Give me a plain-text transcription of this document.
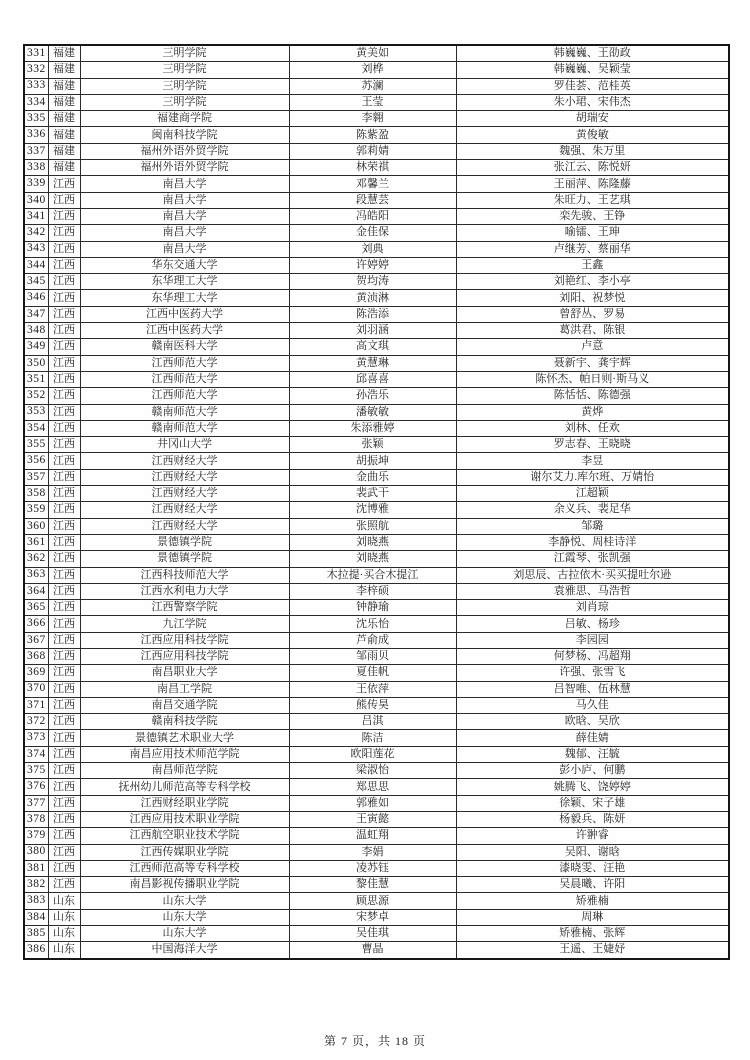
331	福建	三明学院	黄美如	韩巍巍、王劭政
332	福建	三明学院	刘桦	韩巍巍、吴颖莹
333	福建	三明学院	苏澜	罗佳荟、范桂英
334	福建	三明学院	王莹	朱小珺、宋伟杰
335	福建	福建商学院	李翱	胡瑞安
336	福建	闽南科技学院	陈紫盈	黄俊敏
337	福建	福州外语外贸学院	郭莉婧	魏强、朱万里
338	福建	福州外语外贸学院	林荣祺	张江云、陈悦妍
339	江西	南昌大学	邓馨兰	王丽萍、陈隆藤
340	江西	南昌大学	段慧芸	朱旺力、王艺琪
341	江西	南昌大学	冯皓阳	栾先骏、王铮
342	江西	南昌大学	金佳保	喻镭、王珅
343	江西	南昌大学	刘典	卢继芳、蔡丽华
344	江西	华东交通大学	许婷婷	王鑫
345	江西	东华理工大学	贺均涛	刘艳红、李小亭
346	江西	东华理工大学	黄浈淋	刘阳、祝梦悦
347	江西	江西中医药大学	陈浩添	曾舒丛、罗易
348	江西	江西中医药大学	刘羽涵	葛洪君、陈银
349	江西	赣南医科大学	高文琪	卢意
350	江西	江西师范大学	黄慧琳	聂新宇、龚宇辉
351	江西	江西师范大学	邱喜喜	陈怀杰、帕日则·斯马义
352	江西	江西师范大学	孙浩乐	陈恬恬、陈德强
353	江西	赣南师范大学	潘敏敏	黄烨
354	江西	赣南师范大学	朱添雅婷	刘林、任欢
355	江西	井冈山大学	张颖	罗志春、王晓晓
356	江西	江西财经大学	胡振坤	李昱
357	江西	江西财经大学	金曲乐	谢尔艾力.库尔班、万婧怡
358	江西	江西财经大学	裴武干	江超颖
359	江西	江西财经大学	沈博雅	余义兵、裴足华
360	江西	江西财经大学	张照航	邹璐
361	江西	景德镇学院	刘晓燕	李静悦、周桂诗洋
362	江西	景德镇学院	刘晓燕	江霞琴、张凯强
363	江西	江西科技师范大学	木拉提·买合木提江	刘思辰、古拉依木·买买提吐尔逊
364	江西	江西水利电力大学	李梓硕	袁雅思、马浩哲
365	江西	江西警察学院	钟静瑜	刘肖琼
366	江西	九江学院	沈乐怡	吕敏、杨珍
367	江西	江西应用科技学院	芦俞成	李园园
368	江西	江西应用科技学院	邹雨贝	何梦杨、冯超翔
369	江西	南昌职业大学	夏佳帆	许强、张雪飞
370	江西	南昌工学院	王依萍	吕智唯、伍林慧
371	江西	南昌交通学院	熊传昊	马久佳
372	江西	赣南科技学院	吕淇	欧晗、吴欣
373	江西	景德镇艺术职业大学	陈洁	薛佳婧
374	江西	南昌应用技术师范学院	欧阳莲花	魏郁、汪毓
375	江西	南昌师范学院	梁淑怡	彭小庐、何鹏
376	江西	抚州幼儿师范高等专科学校	郑思思	姚腾飞、饶婷婷
377	江西	江西财经职业学院	郭雅如	徐颖、宋子雄
378	江西	江西应用技术职业学院	王寅懿	杨毅兵、陈妍
379	江西	江西航空职业技术学院	温虹翔	许翀睿
380	江西	江西传媒职业学院	李娟	吴阳、谢晗
381	江西	江西师范高等专科学校	凌苏钰	漆晓雯、汪艳
382	江西	南昌影视传播职业学院	黎佳慧	吴晨曦、许阳
383	山东	山东大学	顾思源	矫雅楠
384	山东	山东大学	宋梦卓	周琳
385	山东	山东大学	吴佳琪	矫雅楠、张辉
386	山东	中国海洋大学	曹晶	王遥、王婕妤
第 7 页，共 18 页
